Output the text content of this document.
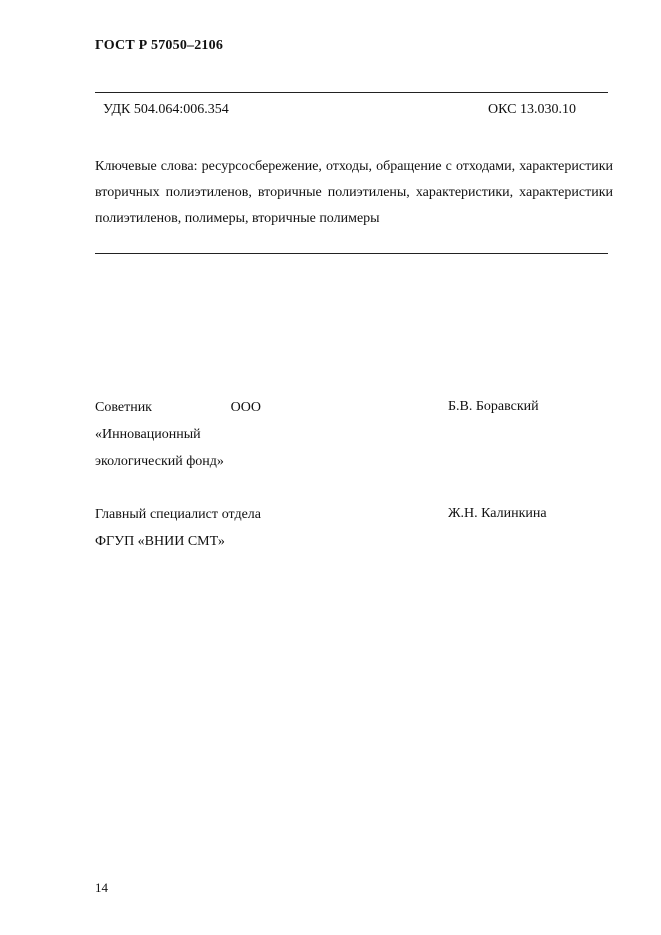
ГОСТ Р 57050–2106
УДК 504.064:006.354	ОКС 13.030.10
Ключевые слова: ресурсосбережение, отходы, обращение с отходами, характеристики вторичных полиэтиленов, вторичные полиэтилены, характеристики, характеристики полиэтиленов, полимеры, вторичные полимеры
Советник ООО «Инновационный экологический фонд»
Б.В. Боравский
Главный специалист отдела ФГУП «ВНИИ СМТ»
Ж.Н. Калинкина
14
